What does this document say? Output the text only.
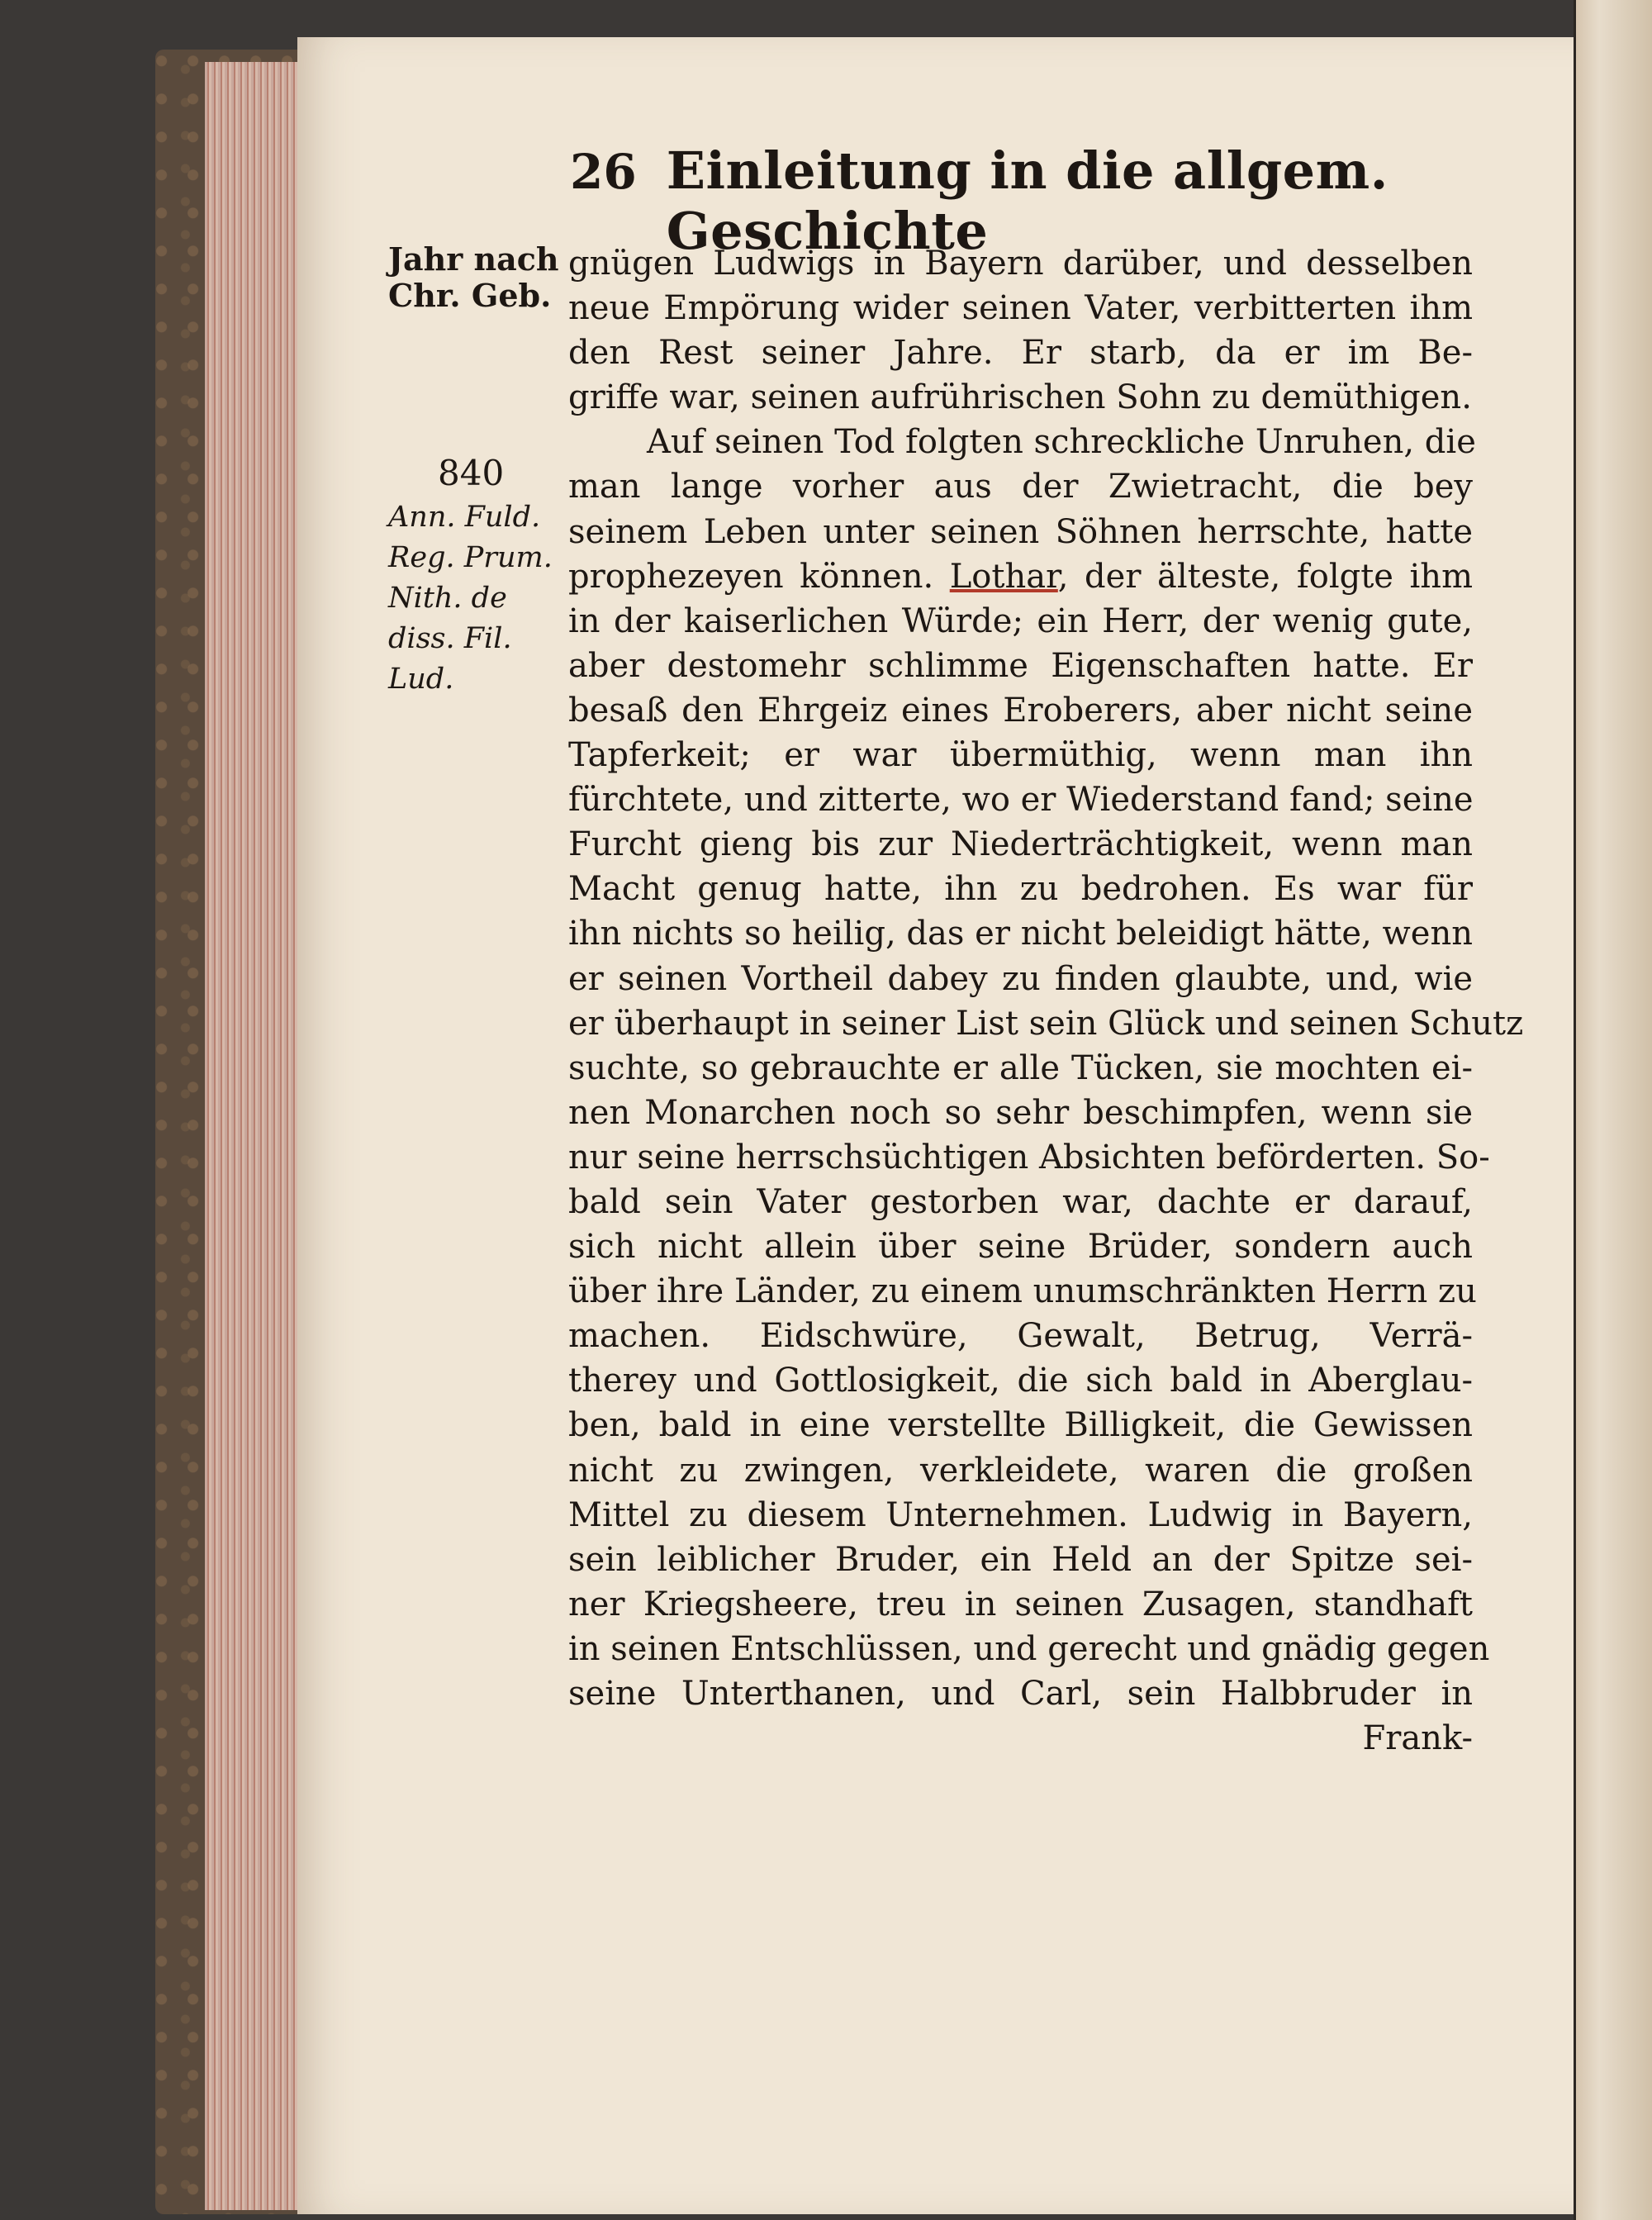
26 Einleitung in die allgem. Geschichte
Jahr nach
Chr. Geb.
840
Ann. Fuld.
Reg. Prum.
Nith. de
diss. Fil.
Lud.
gnügen Ludwigs in Bayern darüber, und desselben
neue Empörung wider seinen Vater, verbitterten ihm
den Rest seiner Jahre. Er starb, da er im Be-
griffe war, seinen aufrührischen Sohn zu demüthigen.
Auf seinen Tod folgten schreckliche Unruhen, die
man lange vorher aus der Zwietracht, die bey
seinem Leben unter seinen Söhnen herrschte, hatte
prophezeyen können. Lothar, der älteste, folgte ihm
in der kaiserlichen Würde; ein Herr, der wenig gute,
aber destomehr schlimme Eigenschaften hatte. Er
besaß den Ehrgeiz eines Eroberers, aber nicht seine
Tapferkeit; er war übermüthig, wenn man ihn
fürchtete, und zitterte, wo er Wiederstand fand; seine
Furcht gieng bis zur Niederträchtigkeit, wenn man
Macht genug hatte, ihn zu bedrohen. Es war für
ihn nichts so heilig, das er nicht beleidigt hätte, wenn
er seinen Vortheil dabey zu finden glaubte, und, wie
er überhaupt in seiner List sein Glück und seinen Schutz
suchte, so gebrauchte er alle Tücken, sie mochten ei-
nen Monarchen noch so sehr beschimpfen, wenn sie
nur seine herrschsüchtigen Absichten beförderten. So-
bald sein Vater gestorben war, dachte er darauf,
sich nicht allein über seine Brüder, sondern auch
über ihre Länder, zu einem unumschränkten Herrn zu
machen. Eidschwüre, Gewalt, Betrug, Verrä-
therey und Gottlosigkeit, die sich bald in Aberglau-
ben, bald in eine verstellte Billigkeit, die Gewissen
nicht zu zwingen, verkleidete, waren die großen
Mittel zu diesem Unternehmen. Ludwig in Bayern,
sein leiblicher Bruder, ein Held an der Spitze sei-
ner Kriegsheere, treu in seinen Zusagen, standhaft
in seinen Entschlüssen, und gerecht und gnädig gegen
seine Unterthanen, und Carl, sein Halbbruder in
Frank-
